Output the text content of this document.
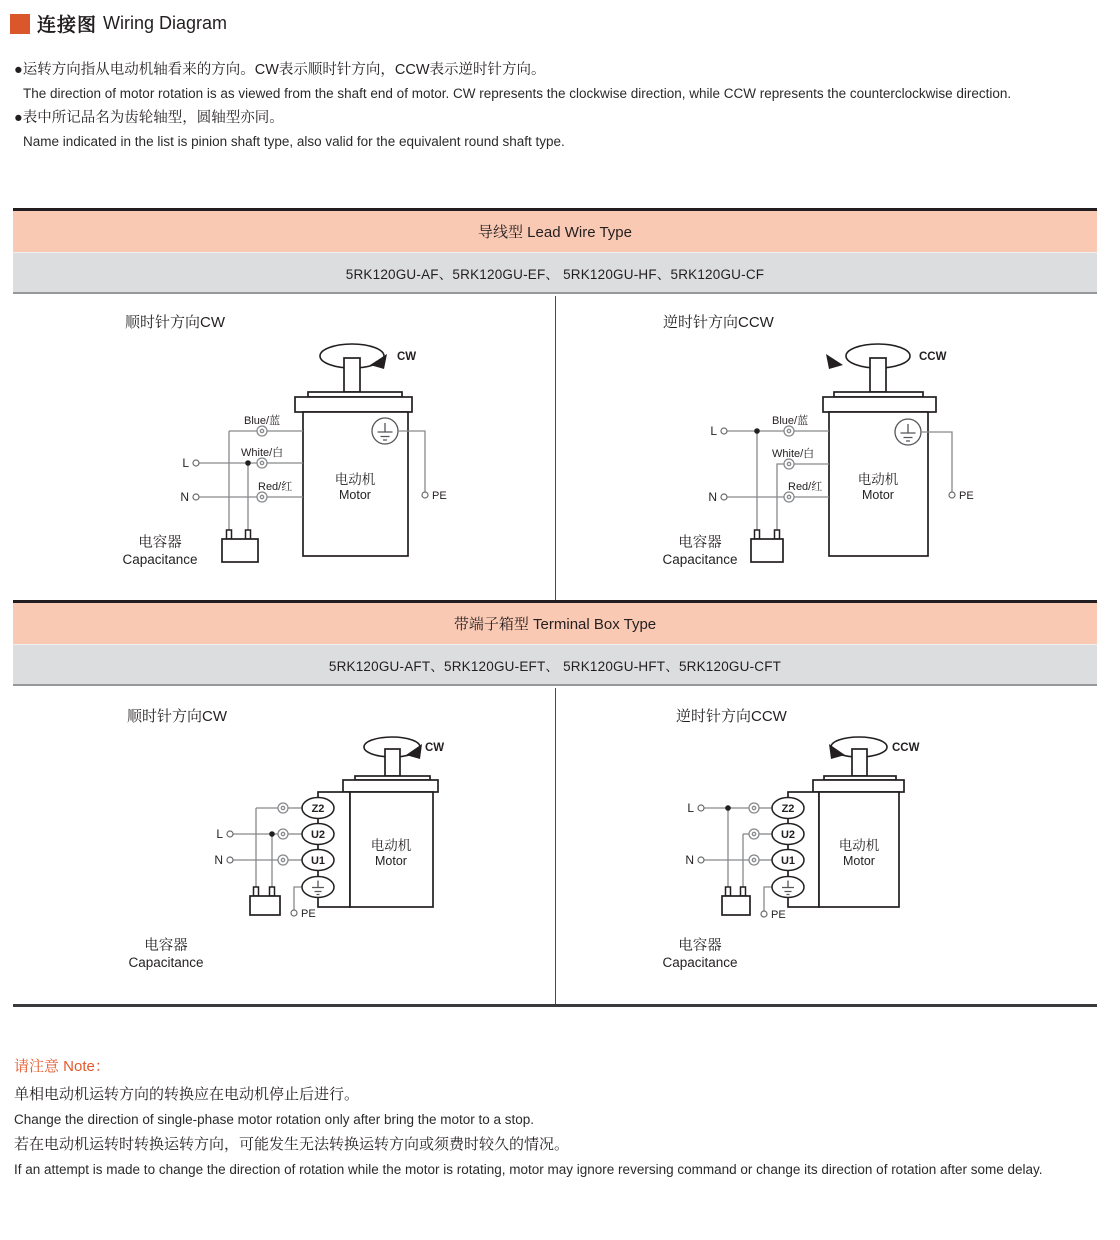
连接图 Wiring Diagram
●运转方向指从电动机轴看来的方向。CW表示顺时针方向，CCW表示逆时针方向。
The direction of motor rotation is as viewed from the shaft end of motor. CW represents the clockwise direction, while CCW represents the counterclockwise direction.
●表中所记品名为齿轮轴型，圆轴型亦同。
Name indicated in the list is pinion shaft type, also valid for the equivalent round shaft type.
导线型 Lead Wire Type
5RK120GU-AF、5RK120GU-EF、 5RK120GU-HF、5RK120GU-CF
顺时针方向CW
CW
电动机
Motor	PE
Blue/蓝
White/白
Red/红
L
N
电容器
Capacitance
逆时针方向CCW
CCW
电动机
Motor	PE
Blue/蓝
White/白
Red/红
L
N
电容器
Capacitance
带端子箱型 Terminal Box Type
5RK120GU-AFT、5RK120GU-EFT、 5RK120GU-HFT、5RK120GU-CFT
顺时针方向CW
CW
电动机
Motor
Z2
U2
U1
L
N
PE
电容器
Capacitance
逆时针方向CCW
CCW
电动机
Motor
Z2
U2
U1
L
N
PE
电容器
Capacitance
请注意 Note：
单相电动机运转方向的转换应在电动机停止后进行。
Change the direction of single-phase motor rotation only after bring the motor to a stop.
若在电动机运转时转换运转方向，可能发生无法转换运转方向或须费时较久的情况。
If an attempt is made to change the direction of rotation while the motor is rotating, motor may ignore reversing command or change its direction of rotation after some delay.
